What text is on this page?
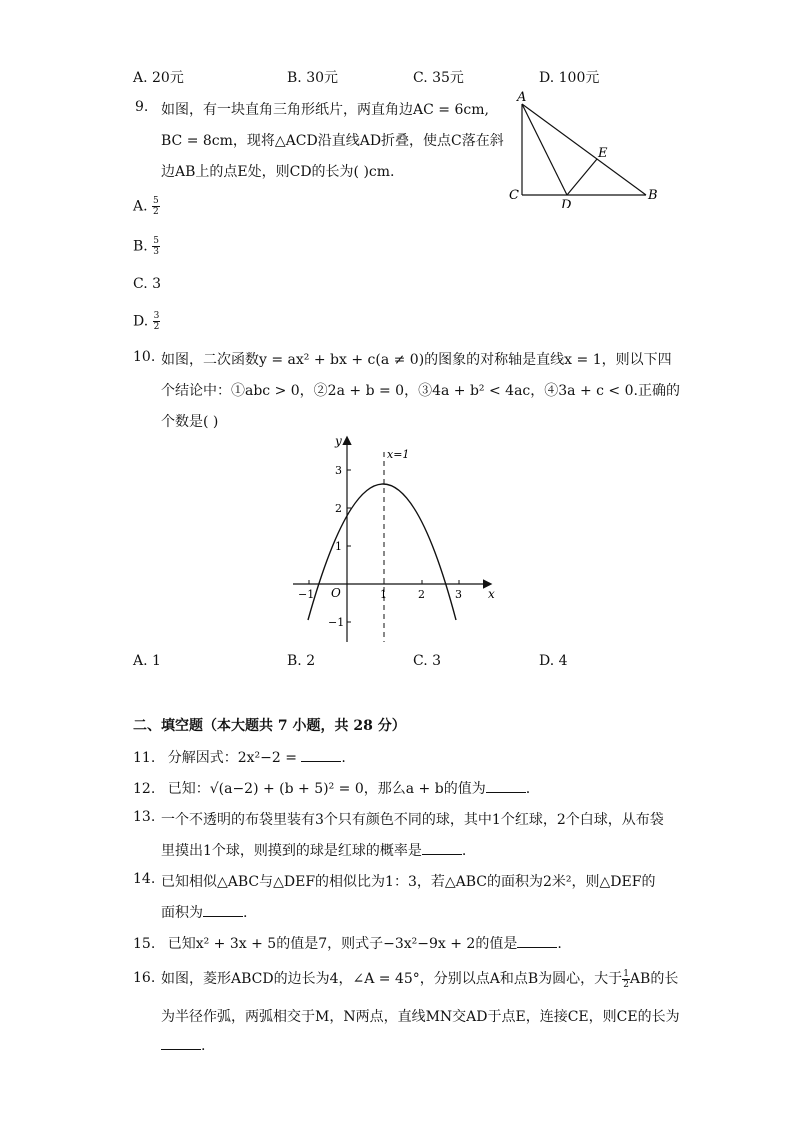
A. 20元	B. 30元	C. 35元	D. 100元
9. 如图，有一块直角三角形纸片，两直角边AC = 6cm,
BC = 8cm，现将△ACD沿直线AD折叠，使点C落在斜
边AB上的点E处，则CD的长为( )cm.
A. $\frac{5}{2}$
B. $\frac{5}{3}$
C. 3
D. $\frac{3}{2}$
A
C
D
E
B
10. 如图，二次函数y = ax² + bx + c(a ≠ 0)的图象的对称轴是直线x = 1，则以下四
个结论中：①abc > 0，②2a + b = 0，③4a + b² < 4ac，④3a + c < 0.正确的
个数是( )
y
x
x=1
O
−1	1	2	3
3
2
1
−1
A. 1	B. 2	C. 3	D. 4
二、填空题（本大题共 7 小题，共 28 分）
11. 分解因式：2x²−2 =	.
12. 已知：√(a−2) + (b + 5)² = 0，那么a + b的值为	.
13. 一个不透明的布袋里装有3个只有颜色不同的球，其中1个红球，2个白球，从布袋
里摸出1个球，则摸到的球是红球的概率是	.
14. 已知相似△ABC与△DEF的相似比为1：3，若△ABC的面积为2米²，则△DEF的
面积为	.
15. 已知x² + 3x + 5的值是7，则式子−3x²−9x + 2的值是	.
16. 如图，菱形ABCD的边长为4，∠A = 45°，分别以点A和点B为圆心，大于 $\frac{1}{2}$ AB的长
为半径作弧，两弧相交于M，N两点，直线MN交AD于点E，连接CE，则CE的长为
.
